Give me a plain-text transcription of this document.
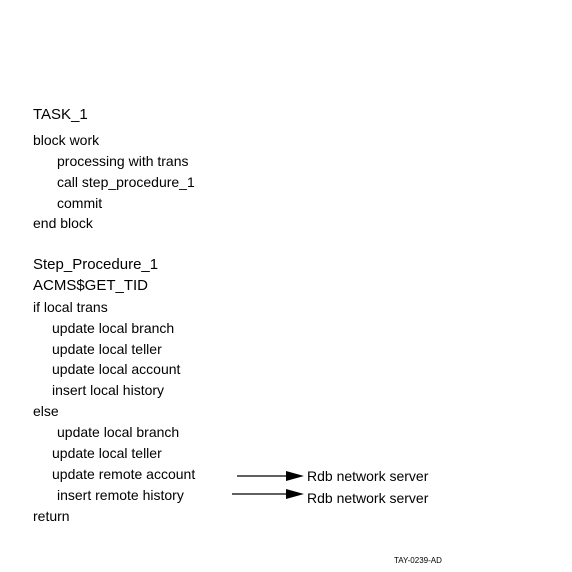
TASK_1
block work
processing with trans
call step_procedure_1
commit
end block
Step_Procedure_1
ACMS$GET_TID
if local trans
update local branch
update local teller
update local account
insert local history
else
update local branch
update local teller
update remote account
insert remote history
return
Rdb network server
Rdb network server
TAY-0239-AD
